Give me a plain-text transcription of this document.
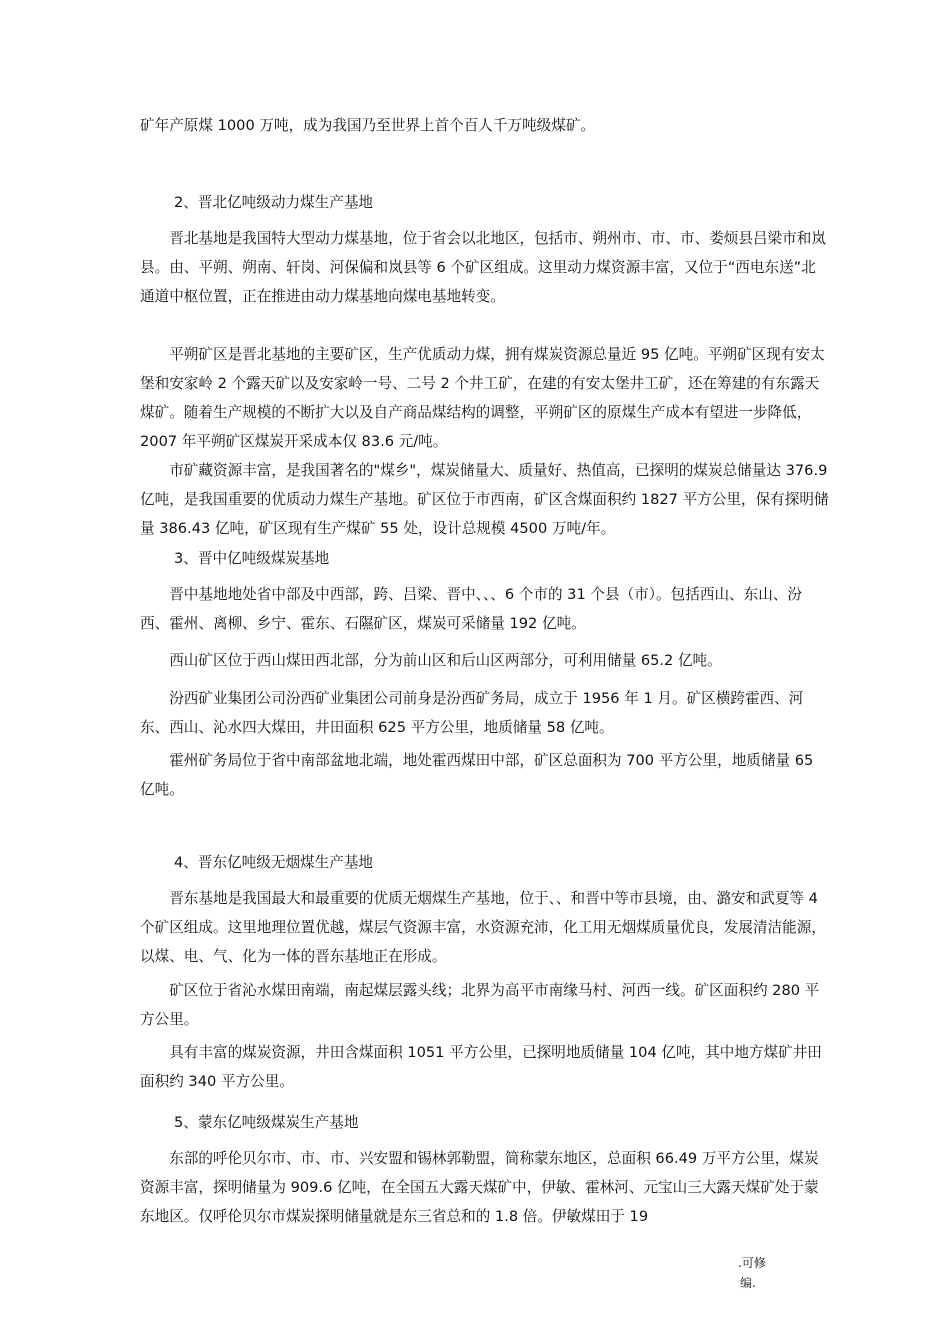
矿年产原煤 1000 万吨，成为我国乃至世界上首个百人千万吨级煤矿。

2、晋北亿吨级动力煤生产基地

晋北基地是我国特大型动力煤基地，位于省会以北地区，包括市、朔州市、市、市、娄烦县吕梁市和岚县。由、平朔、朔南、轩岗、河保偏和岚县等 6 个矿区组成。这里动力煤资源丰富，又位于“西电东送”北通道中枢位置，正在推进由动力煤基地向煤电基地转变。

平朔矿区是晋北基地的主要矿区，生产优质动力煤，拥有煤炭资源总量近 95 亿吨。平朔矿区现有安太堡和安家岭 2 个露天矿以及安家岭一号、二号 2 个井工矿，在建的有安太堡井工矿，还在筹建的有东露天煤矿。随着生产规模的不断扩大以及自产商品煤结构的调整，平朔矿区的原煤生产成本有望进一步降低，2007 年平朔矿区煤炭开采成本仅 83.6 元/吨。

市矿藏资源丰富，是我国著名的"煤乡"，煤炭储量大、质量好、热值高，已探明的煤炭总储量达 376.9 亿吨，是我国重要的优质动力煤生产基地。矿区位于市西南，矿区含煤面积约 1827 平方公里，保有探明储量 386.43 亿吨，矿区现有生产煤矿 55 处，设计总规模 4500 万吨/年。

3、晋中亿吨级煤炭基地

晋中基地地处省中部及中西部，跨、吕梁、晋中、、、6 个市的 31 个县（市）。包括西山、东山、汾西、霍州、离柳、乡宁、霍东、石隰矿区，煤炭可采储量 192 亿吨。

西山矿区位于西山煤田西北部，分为前山区和后山区两部分，可利用储量 65.2 亿吨。

汾西矿业集团公司汾西矿业集团公司前身是汾西矿务局，成立于 1956 年 1 月。矿区横跨霍西、河东、西山、沁水四大煤田，井田面积 625 平方公里，地质储量 58 亿吨。

霍州矿务局位于省中南部盆地北端，地处霍西煤田中部，矿区总面积为 700 平方公里，地质储量 65 亿吨。

4、晋东亿吨级无烟煤生产基地

晋东基地是我国最大和最重要的优质无烟煤生产基地，位于、、和晋中等市县境，由、潞安和武夏等 4 个矿区组成。这里地理位置优越，煤层气资源丰富，水资源充沛，化工用无烟煤质量优良，发展清洁能源，以煤、电、气、化为一体的晋东基地正在形成。

矿区位于省沁水煤田南端，南起煤层露头线；北界为高平市南缘马村、河西一线。矿区面积约 280 平方公里。

具有丰富的煤炭资源，井田含煤面积 1051 平方公里，已探明地质储量 104 亿吨，其中地方煤矿井田面积约 340 平方公里。

5、蒙东亿吨级煤炭生产基地

东部的呼伦贝尔市、市、市、兴安盟和锡林郭勒盟，简称蒙东地区，总面积 66.49 万平方公里，煤炭资源丰富，探明储量为 909.6 亿吨，在全国五大露天煤矿中，伊敏、霍林河、元宝山三大露天煤矿处于蒙东地区。仅呼伦贝尔市煤炭探明储量就是东三省总和的 1.8 倍。伊敏煤田于 19

.可修
编.
